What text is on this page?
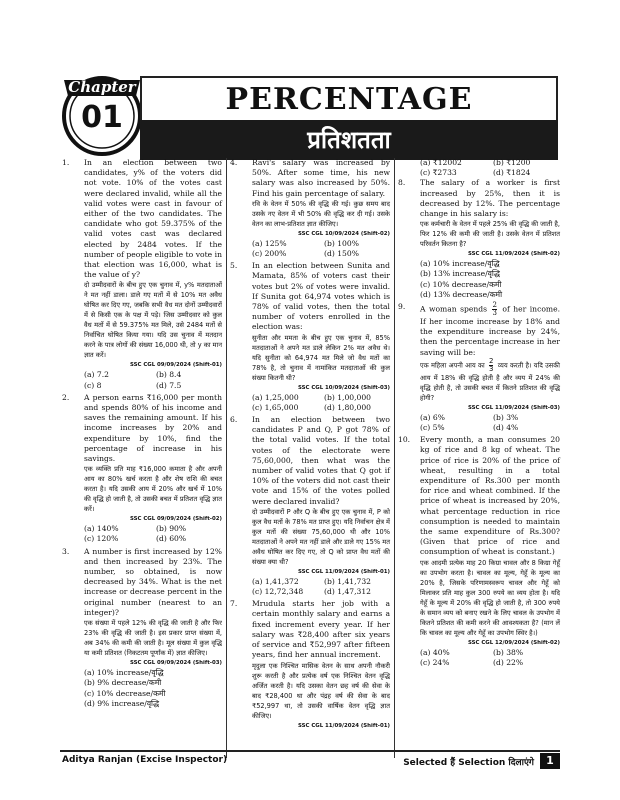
Chapter
01
PERCENTAGE
प्रतिशतता
1. In an election between two candidates, y% of the voters did not vote. 10% of the votes cast were declared invalid, while all the valid votes were cast in favour of either of the two candidates. The candidate who got 59.375% of the valid votes cast was declared elected by 2484 votes. If the number of people eligible to vote in that election was 16,000, what is the value of y?
दो उम्मीदवारों के बीच हुए एक चुनाव में, y% मतदाताओं ने मत नहीं डाला। डाले गए मतों में से 10% मत अवैध घोषित कर दिए गए, जबकि सभी वैध मत दोनों उम्मीदवारों में से किसी एक के पक्ष में पड़े। जिस उम्मीदवार को कुल वैध मतों में से 59.375% मत मिले, उसे 2484 मतों से निर्वाचित घोषित किया गया। यदि उस चुनाव में मतदान करने के पात्र लोगों की संख्या 16,000 थी, तो y का मान ज्ञात करें।
SSC CGL 09/09/2024 (Shift-01)
(a) 7.2	(b) 8.4
(c) 8	(d) 7.5
2. A person earns ₹16,000 per month and spends 80% of his income and saves the remaining amount. If his income increases by 20% and expenditure by 10%, find the percentage of increase in his savings.
एक व्यक्ति प्रति माह ₹16,000 कमाता है और अपनी आय का 80% खर्च करता है और शेष राशि की बचत करता है। यदि उसकी आय में 20% और खर्च में 10% की वृद्धि हो जाती है, तो उसकी बचत में प्रतिशत वृद्धि ज्ञात करें।
SSC CGL 09/09/2024 (Shift-02)
(a) 140%	(b) 90%
(c) 120%	(d) 60%
3. A number is first increased by 12% and then increased by 23%. The number, so obtained, is now decreased by 34%. What is the net increase or decrease percent in the original number (nearest to an integer)?
एक संख्या में पहले 12% की वृद्धि की जाती है और फिर 23% की वृद्धि की जाती है। इस प्रकार प्राप्त संख्या में, अब 34% की कमी की जाती है। मूल संख्या में कुल वृद्धि या कमी प्रतिशत (निकटतम पूर्णांक में) ज्ञात कीजिए।
SSC CGL 09/09/2024 (Shift-03)
(a) 10% increase/वृद्धि
(b) 9% decrease/कमी
(c) 10% decrease/कमी
(d) 9% increase/वृद्धि
4. Ravi's salary was increased by 50%. After some time, his new salary was also increased by 50%. Find his gain percentage of salary.
रवि के वेतन में 50% की वृद्धि की गई। कुछ समय बाद उसके नए वेतन में भी 50% की वृद्धि कर दी गई। उसके वेतन का लाभ-प्रतिशत ज्ञात कीजिए।
SSC CGL 10/09/2024 (Shift-02)
(a) 125%	(b) 100%
(c) 200%	(d) 150%
5. In an election between Sunita and Mamata, 85% of voters cast their votes but 2% of votes were invalid. If Sunita got 64,974 votes which is 78% of valid votes, then the total number of voters enrolled in the election was:
सुनीता और ममता के बीच हुए एक चुनाव में, 85% मतदाताओं ने अपने मत डाले लेकिन 2% मत अवैध थे। यदि सुनीता को 64,974 मत मिले जो वैध मतों का 78% है, तो चुनाव में नामांकित मतदाताओं की कुल संख्या कितनी थी?
SSC CGL 10/09/2024 (Shift-03)
(a) 1,25,000	(b) 1,00,000
(c) 1,65,000	(d) 1,80,000
6. In an election between two candidates P and Q, P got 78% of the total valid votes. If the total votes of the electorate were 75,60,000, then what was the number of valid votes that Q got if 10% of the voters did not cast their vote and 15% of the votes polled were declared invalid?
दो उम्मीदवारों P और Q के बीच हुए एक चुनाव में, P को कुल वैध मतों के 78% मत प्राप्त हुए। यदि निर्वाचन क्षेत्र में कुल मतों की संख्या 75,60,000 थी और 10% मतदाताओं ने अपने मत नहीं डाले और डाले गए 15% मत अवैध घोषित कर दिए गए, तो Q को प्राप्त वैध मतों की संख्या क्या थी?
SSC CGL 11/09/2024 (Shift-01)
(a) 1,41,372	(b) 1,41,732
(c) 12,72,348	(d) 1,47,312
7. Mrudula starts her job with a certain monthly salary and earns a fixed increment every year. If her salary was ₹28,400 after six years of service and ₹52,997 after fifteen years, find her annual increment.
मृदुला एक निश्चित मासिक वेतन के साथ अपनी नौकरी शुरू करती है और प्रत्येक वर्ष एक निश्चित वेतन वृद्धि अर्जित करती है। यदि उसका वेतन छह वर्ष की सेवा के बाद ₹28,400 था और पंद्रह वर्ष की सेवा के बाद ₹52,997 था, तो उसकी वार्षिक वेतन वृद्धि ज्ञात कीजिए।
SSC CGL 11/09/2024 (Shift-01)
(a) ₹12002	(b) ₹1200
(c) ₹2733	(d) ₹1824
8. The salary of a worker is first increased by 25%, then it is decreased by 12%. The percentage change in his salary is:
एक कर्मचारी के वेतन में पहले 25% की वृद्धि की जाती है, फिर 12% की कमी की जाती है। उसके वेतन में प्रतिशत परिवर्तन कितना है?
SSC CGL 11/09/2024 (Shift-02)
(a) 10% increase/वृद्धि
(b) 13% increase/वृद्धि
(c) 10% decrease/कमी
(d) 13% decrease/कमी
9. A woman spends $\frac{2}{3}$ of her income. If her income increase by 18% and the expenditure increase by 24%, then the percentage increase in her saving will be:
एक महिला अपनी आय का $\frac{2}{3}$ व्यय करती है। यदि उसकी आय में 18% की वृद्धि होती है और व्यय में 24% की वृद्धि होती है, तो उसकी बचत में कितने प्रतिशत की वृद्धि होगी?
SSC CGL 11/09/2024 (Shift-03)
(a) 6%	(b) 3%
(c) 5%	(d) 4%
10. Every month, a man consumes 20 kg of rice and 8 kg of wheat. The price of rice is 20% of the price of wheat, resulting in a total expenditure of Rs.300 per month for rice and wheat combined. If the price of wheat is increased by 20%, what percentage reduction in rice consumption is needed to maintain the same expenditure of Rs.300? (Given that price of rice and consumption of wheat is constant.)
एक आदमी प्रत्येक माह 20 किग्रा चावल और 8 किग्रा गेहूँ का उपभोग करता है। चावल का मूल्य, गेहूँ के मूल्य का 20% है, जिसके परिणामस्वरूप चावल और गेहूँ को मिलाकर प्रति माह कुल 300 रुपये का व्यय होता है। यदि गेहूँ के मूल्य में 20% की वृद्धि हो जाती है, तो 300 रुपये के समान व्यय को बनाए रखने के लिए चावल के उपभोग में कितने प्रतिशत की कमी करने की आवश्यकता है? (मान लें कि चावल का मूल्य और गेहूँ का उपभोग स्थिर है।)
SSC CGL 12/09/2024 (Shift-02)
(a) 40%	(b) 38%
(c) 24%	(d) 22%
Aditya Ranjan (Excise Inspector)	Selected हैं Selection दिलाएंगे	1
